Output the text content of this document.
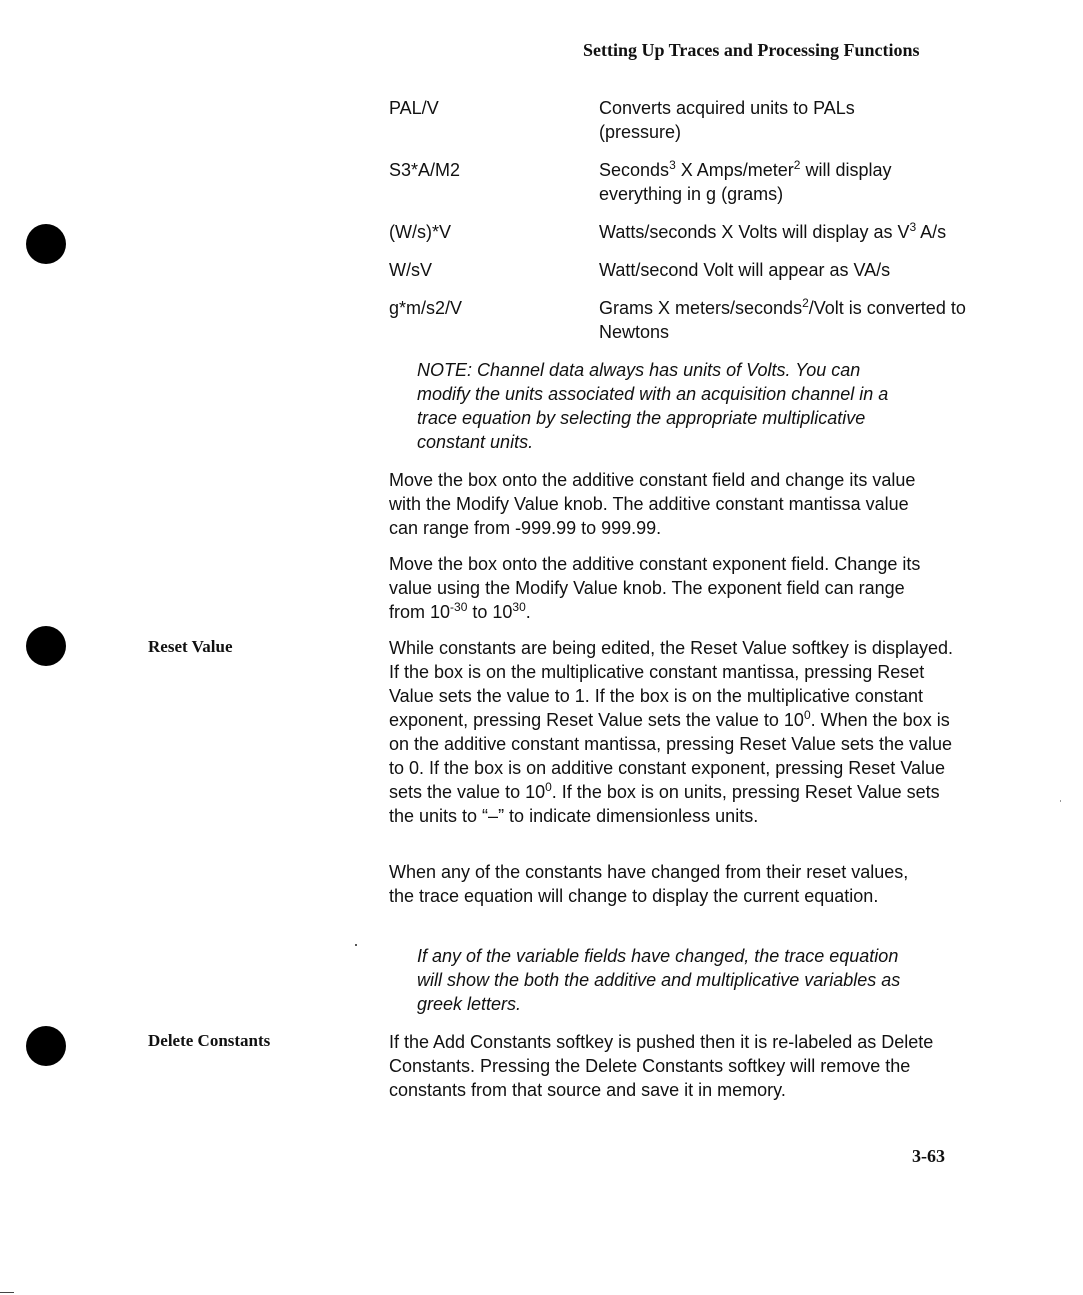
Setting Up Traces and Processing Functions
Reset Value
Delete Constants
PAL/V	Converts acquired units to PALs (pressure)
S3*A/M2	Seconds$^3$ X Amps/meter$^2$ will display everything in g (grams)
(W/s)*V	Watts/seconds X Volts will display as $V^3$ A/s
W/sV	Watt/second Volt will appear as VA/s
g*m/s2/V	Grams X meters/seconds$^2$/Volt is converted to Newtons
NOTE: Channel data always has units of Volts. You can modify the units associated with an acquisition channel in a trace equation by selecting the appropriate multiplicative constant units.
Move the box onto the additive constant field and change its value with the Modify Value knob. The additive constant mantissa value can range from -999.99 to 999.99.
Move the box onto the additive constant exponent field. Change its value using the Modify Value knob. The exponent field can range from $10^{-30}$ to $10^{30}$.
While constants are being edited, the Reset Value softkey is displayed. If the box is on the multiplicative constant mantissa, pressing Reset Value sets the value to 1. If the box is on the multiplicative constant exponent, pressing Reset Value sets the value to $10^0$. When the box is on the additive constant mantissa, pressing Reset Value sets the value to 0. If the box is on additive constant exponent, pressing Reset Value sets the value to $10^0$. If the box is on units, pressing Reset Value sets the units to “–” to indicate dimensionless units.
When any of the constants have changed from their reset values, the trace equation will change to display the current equation.
If any of the variable fields have changed, the trace equation will show the both the additive and multiplicative variables as greek letters.
If the Add Constants softkey is pushed then it is re-labeled as Delete Constants. Pressing the Delete Constants softkey will remove the constants from that source and save it in memory.
3-63
